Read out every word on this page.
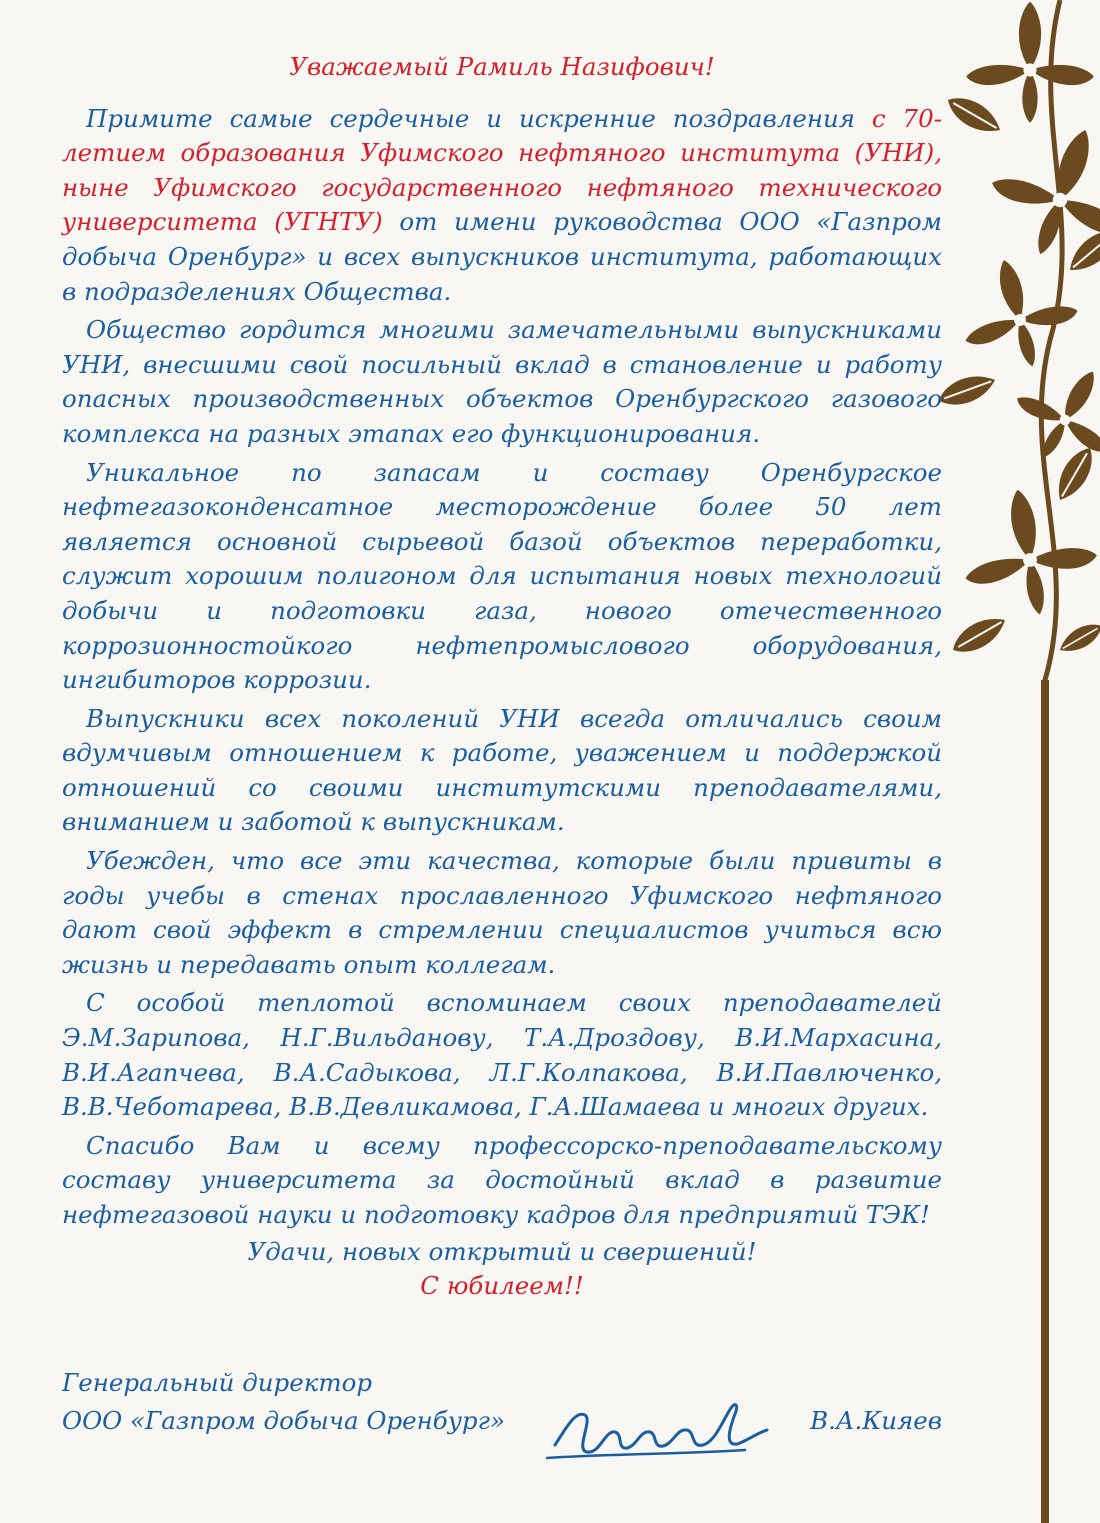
Уважаемый Рамиль Назифович!

Примите самые сердечные и искренние поздравления с 70-летием образования Уфимского нефтяного института (УНИ), ныне Уфимского государственного нефтяного технического университета (УГНТУ) от имени руководства ООО «Газпром добыча Оренбург» и всех выпускников института, работающих в подразделениях Общества.

Общество гордится многими замечательными выпускниками УНИ, внесшими свой посильный вклад в становление и работу опасных производственных объектов Оренбургского газового комплекса на разных этапах его функционирования.

Уникальное по запасам и составу Оренбургское нефтегазоконденсатное месторождение более 50 лет является основной сырьевой базой объектов переработки, служит хорошим полигоном для испытания новых технологий добычи и подготовки газа, нового отечественного коррозионностойкого нефтепромыслового оборудования, ингибиторов коррозии.

Выпускники всех поколений УНИ всегда отличались своим вдумчивым отношением к работе, уважением и поддержкой отношений со своими институтскими преподавателями, вниманием и заботой к выпускникам.

Убежден, что все эти качества, которые были привиты в годы учебы в стенах прославленного Уфимского нефтяного дают свой эффект в стремлении специалистов учиться всю жизнь и передавать опыт коллегам.

С особой теплотой вспоминаем своих преподавателей Э.М.Зарипова, Н.Г.Вильданову, Т.А.Дроздову, В.И.Мархасина, В.И.Агапчева, В.А.Садыкова, Л.Г.Колпакова, В.И.Павлюченко, В.В.Чеботарева, В.В.Девликамова, Г.А.Шамаева и многих других.

Спасибо Вам и всему профессорско-преподавательскому составу университета за достойный вклад в развитие нефтегазовой науки и подготовку кадров для предприятий ТЭК!

Удачи, новых открытий и свершений!

С юбилеем!!

Генеральный директор

ООО «Газпром добыча Оренбург»	В.А.Кияев
